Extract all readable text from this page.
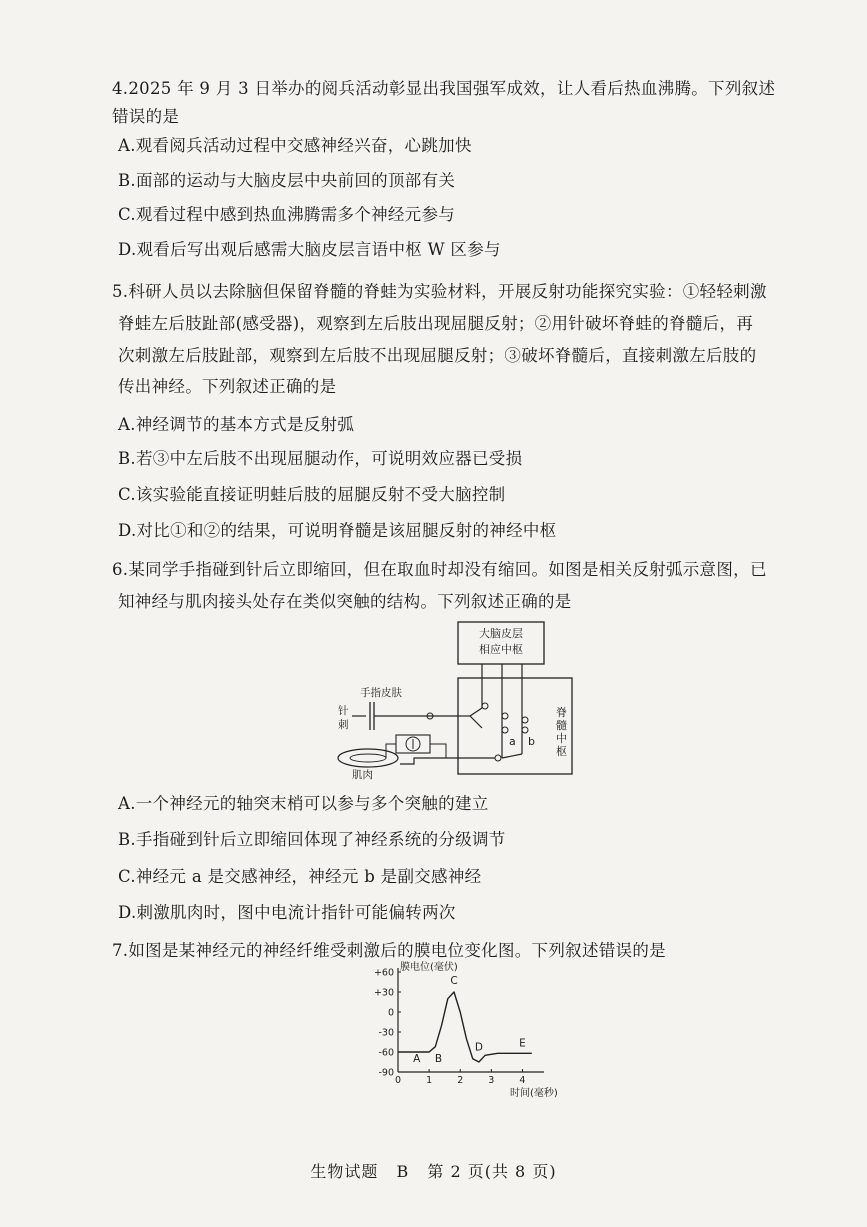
4.2025 年 9 月 3 日举办的阅兵活动彰显出我国强军成效，让人看后热血沸腾。下列叙述
错误的是
A.观看阅兵活动过程中交感神经兴奋，心跳加快
B.面部的运动与大脑皮层中央前回的顶部有关
C.观看过程中感到热血沸腾需多个神经元参与
D.观看后写出观后感需大脑皮层言语中枢 W 区参与
5.科研人员以去除脑但保留脊髓的脊蛙为实验材料，开展反射功能探究实验：①轻轻刺激
脊蛙左后肢趾部(感受器)，观察到左后肢出现屈腿反射；②用针破坏脊蛙的脊髓后，再
次刺激左后肢趾部，观察到左后肢不出现屈腿反射；③破坏脊髓后，直接刺激左后肢的
传出神经。下列叙述正确的是
A.神经调节的基本方式是反射弧
B.若③中左后肢不出现屈腿动作，可说明效应器已受损
C.该实验能直接证明蛙后肢的屈腿反射不受大脑控制
D.对比①和②的结果，可说明脊髓是该屈腿反射的神经中枢
6.某同学手指碰到针后立即缩回，但在取血时却没有缩回。如图是相关反射弧示意图，已
知神经与肌肉接头处存在类似突触的结构。下列叙述正确的是
大脑皮层
相应中枢
脊
髓
中
枢
手指皮肤
针
刺
a b
肌肉
A.一个神经元的轴突末梢可以参与多个突触的建立
B.手指碰到针后立即缩回体现了神经系统的分级调节
C.神经元 a 是交感神经，神经元 b 是副交感神经
D.刺激肌肉时，图中电流计指针可能偏转两次
7.如图是某神经元的神经纤维受刺激后的膜电位变化图。下列叙述错误的是
+60
+30
0
-30
-60
-90
0	1	2	3	4
膜电位(毫伏)
时间(毫秒)
A B
C
D	E
生物试题 B 第 2 页(共 8 页)
